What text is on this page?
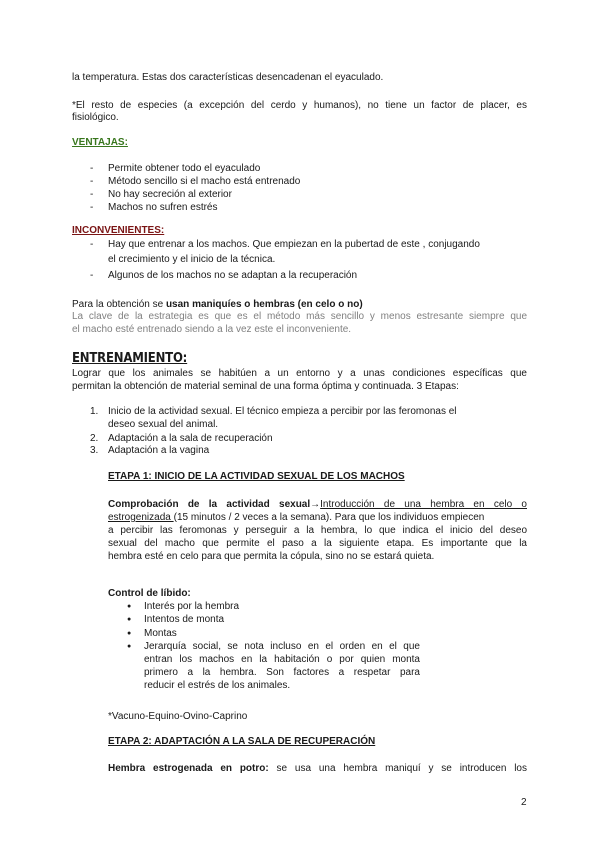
la temperatura. Estas dos características desencadenan el eyaculado.
*El resto de especies (a excepción del cerdo y humanos), no tiene un factor de placer, es
fisiológico.
VENTAJAS:
- Permite obtener todo el eyaculado
- Método sencillo si el macho está entrenado
- No hay secreción al exterior
- Machos no sufren estrés
INCONVENIENTES:
- Hay que entrenar a los machos. Que empiezan en la pubertad de este , conjugando
el crecimiento y el inicio de la técnica.
- Algunos de los machos no se adaptan a la recuperación
Para la obtención se usan maniquíes o hembras (en celo o no)
La clave de la estrategia es que es el método más sencillo y menos estresante siempre que
el macho esté entrenado siendo a la vez este el inconveniente.
ENTRENAMIENTO:
Lograr que los animales se habitúen a un entorno y a unas condiciones específicas que
permitan la obtención de material seminal de una forma óptima y continuada. 3 Etapas:
1. Inicio de la actividad sexual. El técnico empieza a percibir por las feromonas el
deseo sexual del animal.
2. Adaptación a la sala de recuperación
3. Adaptación a la vagina
ETAPA 1: INICIO DE LA ACTIVIDAD SEXUAL DE LOS MACHOS
Comprobación de la actividad sexual→Introducción de una hembra en celo o
estrogenizada (15 minutos / 2 veces a la semana). Para que los individuos empiecen
a percibir las feromonas y perseguir a la hembra, lo que indica el inicio del deseo
sexual del macho que permite el paso a la siguiente etapa. Es importante que la
hembra esté en celo para que permita la cópula, sino no se estará quieta.
Control de líbido:
● Interés por la hembra
● Intentos de monta
● Montas
● Jerarquía social, se nota incluso en el orden en el que
entran los machos en la habitación o por quien monta
primero a la hembra. Son factores a respetar para
reducir el estrés de los animales.
*Vacuno-Equino-Ovino-Caprino
ETAPA 2: ADAPTACIÓN A LA SALA DE RECUPERACIÓN
Hembra estrogenada en potro: se usa una hembra maniquí y se introducen los
2
